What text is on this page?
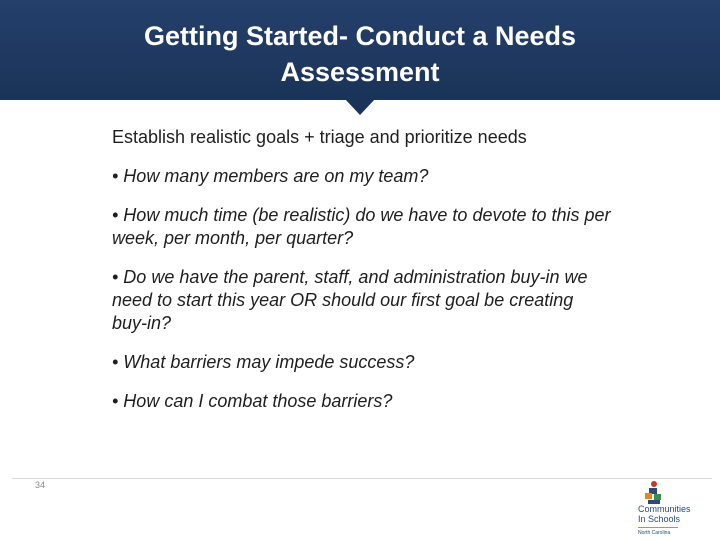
Getting Started- Conduct a Needs
Assessment

Establish realistic goals + triage and prioritize needs

• How many members are on my team?

• How much time (be realistic) do we have to devote to this per week, per month, per quarter?

• Do we have the parent, staff, and administration buy-in we need to start this year OR should our first goal be creating buy-in?

• What barriers may impede success?

• How can I combat those barriers?

34
Communities
In Schools
North Carolina
